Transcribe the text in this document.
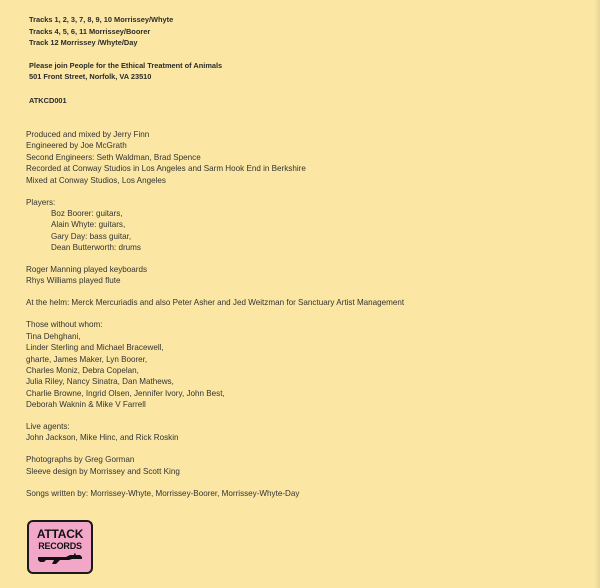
Tracks 1, 2, 3, 7, 8, 9, 10 Morrissey/Whyte
Tracks 4, 5, 6, 11 Morrissey/Boorer
Track 12 Morrissey /Whyte/Day
Please join People for the Ethical Treatment of Animals
501 Front Street, Norfolk, VA 23510
ATKCD001
Produced and mixed by Jerry Finn
Engineered by Joe McGrath
Second Engineers: Seth Waldman, Brad Spence
Recorded at Conway Studios in Los Angeles and Sarm Hook End in Berkshire
Mixed at Conway Studios, Los Angeles
Players:
Boz Boorer: guitars,
Alain Whyte: guitars,
Gary Day: bass guitar,
Dean Butterworth: drums
Roger Manning played keyboards
Rhys Williams played flute
At the helm: Merck Mercuriadis and also Peter Asher and Jed Weitzman for Sanctuary Artist Management
Those without whom:
Tina Dehghani,
Linder Sterling and Michael Bracewell,
gharte, James Maker, Lyn Boorer,
Charles Moniz, Debra Copelan,
Julia Riley, Nancy Sinatra, Dan Mathews,
Charlie Browne, Ingrid Olsen, Jennifer Ivory, John Best,
Deborah Waknin & Mike V Farrell
Live agents:
John Jackson, Mike Hinc, and Rick Roskin
Photographs by Greg Gorman
Sleeve design by Morrissey and Scott King
Songs written by: Morrissey-Whyte, Morrissey-Boorer, Morrissey-Whyte-Day
ATTACK
RECORDS
